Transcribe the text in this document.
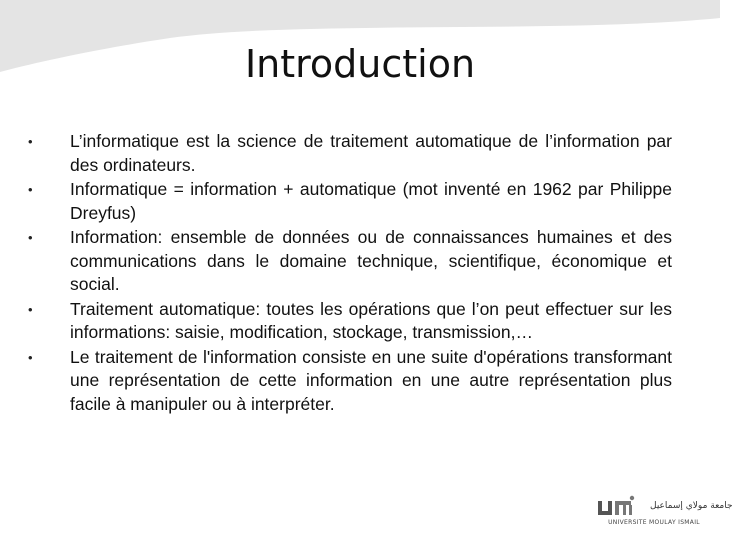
Introduction
•	L’informatique est la science de traitement automatique de l’information par des ordinateurs.
•	Informatique = information + automatique (mot inventé en 1962 par Philippe Dreyfus)
•	Information: ensemble de données ou de connaissances humaines et des communications dans le domaine technique, scientifique, économique et social.
•	Traitement automatique: toutes les opérations que l’on peut effectuer sur les informations: saisie, modification, stockage, transmission,…
•	Le traitement de l'information consiste en une suite d'opérations transformant une représentation de cette information en une autre représentation plus facile à manipuler ou à interpréter.
جامعة مولاي إسماعيل
UNIVERSITE MOULAY ISMAIL
